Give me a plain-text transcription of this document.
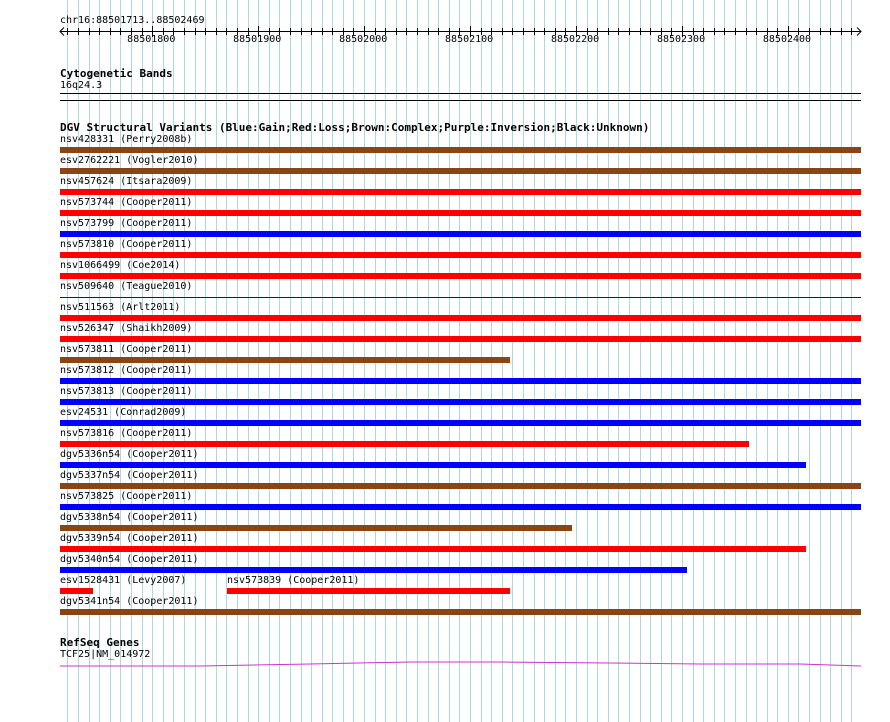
chr16:88501713..88502469
88501800	88501900	88502000	88502100	88502200	88502300	88502400
Cytogenetic Bands
16q24.3
DGV Structural Variants (Blue:Gain;Red:Loss;Brown:Complex;Purple:Inversion;Black:Unknown)
nsv428331 (Perry2008b)
esv2762221 (Vogler2010)
nsv457624 (Itsara2009)
nsv573744 (Cooper2011)
nsv573799 (Cooper2011)
nsv573810 (Cooper2011)
nsv1066499 (Coe2014)
nsv509640 (Teague2010)
nsv511563 (Arlt2011)
nsv526347 (Shaikh2009)
nsv573811 (Cooper2011)
nsv573812 (Cooper2011)
nsv573813 (Cooper2011)
esv24531 (Conrad2009)
nsv573816 (Cooper2011)
dgv5336n54 (Cooper2011)
dgv5337n54 (Cooper2011)
nsv573825 (Cooper2011)
dgv5338n54 (Cooper2011)
dgv5339n54 (Cooper2011)
dgv5340n54 (Cooper2011)
esv1528431 (Levy2007)	nsv573839 (Cooper2011)
dgv5341n54 (Cooper2011)
RefSeq Genes
TCF25|NM_014972
